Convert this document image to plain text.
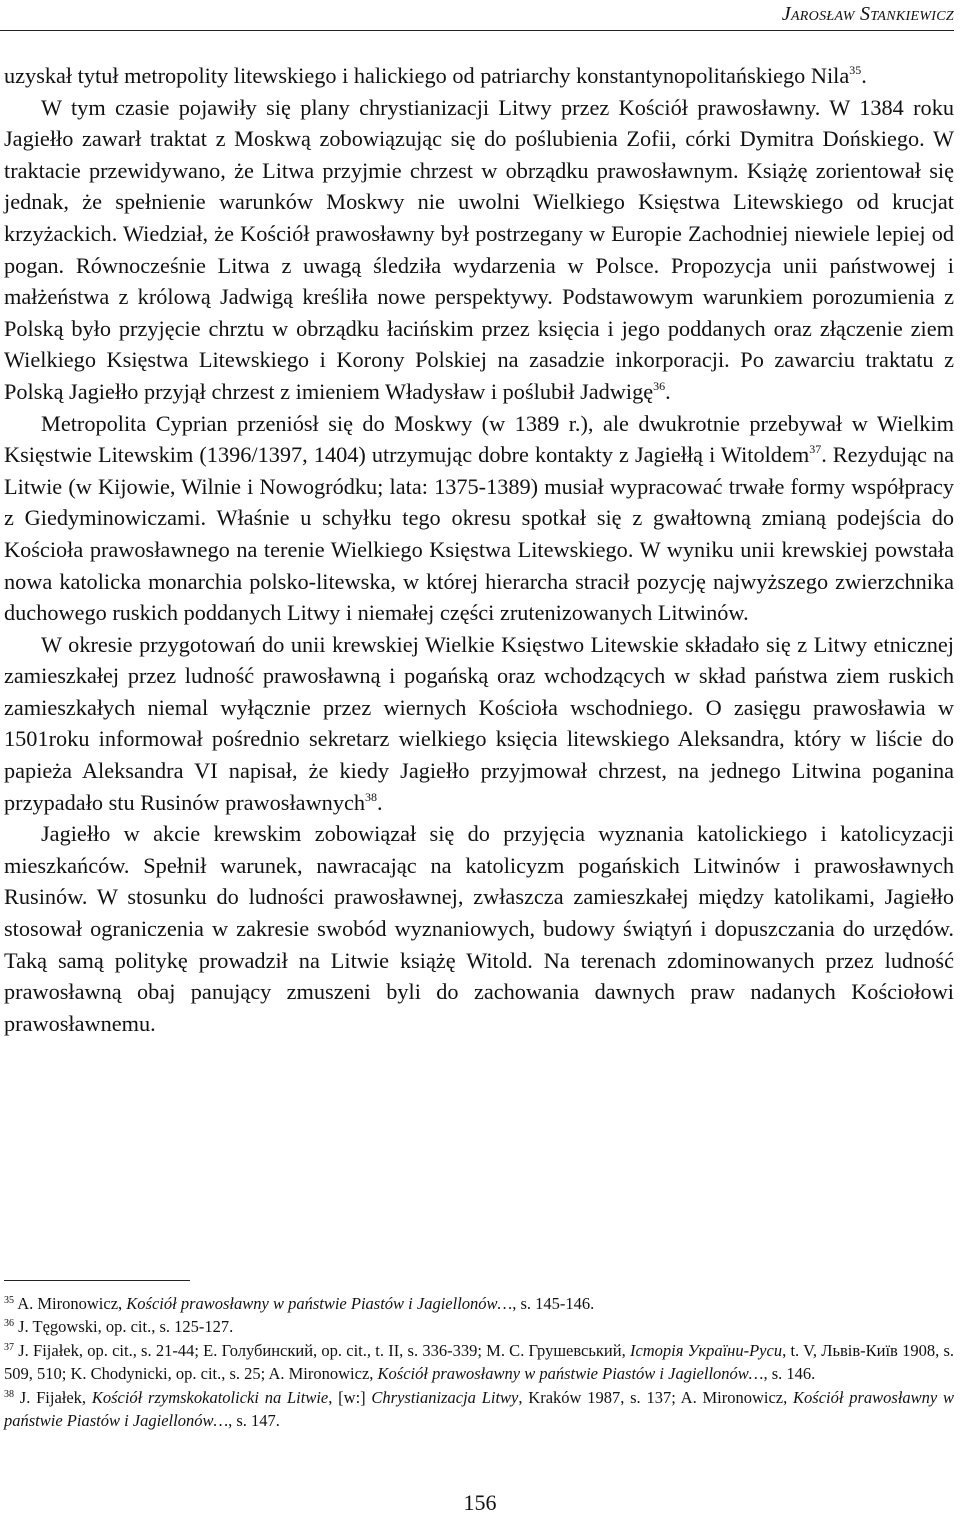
Jarosław Stankiewicz

uzyskał tytuł metropolity litewskiego i halickiego od patriarchy konstantynopolitańskiego Nila$^{35}$.

W tym czasie pojawiły się plany chrystianizacji Litwy przez Kościół prawosławny. W 1384 roku Jagiełło zawarł traktat z Moskwą zobowiązując się do poślubienia Zofii, córki Dymitra Dońskiego. W traktacie przewidywano, że Litwa przyjmie chrzest w obrządku prawosławnym. Książę zorientował się jednak, że spełnienie warunków Moskwy nie uwolni Wielkiego Księstwa Litewskiego od krucjat krzyżackich. Wiedział, że Kościół prawosławny był postrzegany w Europie Zachodniej niewiele lepiej od pogan. Równocześnie Litwa z uwagą śledziła wydarzenia w Polsce. Propozycja unii państwowej i małżeństwa z królową Jadwigą kreśliła nowe perspektywy. Podstawowym warunkiem porozumienia z Polską było przyjęcie chrztu w obrządku łacińskim przez księcia i jego poddanych oraz złączenie ziem Wielkiego Księstwa Litewskiego i Korony Polskiej na zasadzie inkorporacji. Po zawarciu traktatu z Polską Jagiełło przyjął chrzest z imieniem Władysław i poślubił Jadwigę$^{36}$.

Metropolita Cyprian przeniósł się do Moskwy (w 1389 r.), ale dwukrotnie przebywał w Wielkim Księstwie Litewskim (1396/1397, 1404) utrzymując dobre kontakty z Jagiełłą i Witoldem$^{37}$. Rezydując na Litwie (w Kijowie, Wilnie i Nowogródku; lata: 1375-1389) musiał wypracować trwałe formy współpracy z Giedyminowiczami. Właśnie u schyłku tego okresu spotkał się z gwałtowną zmianą podejścia do Kościoła prawosławnego na terenie Wielkiego Księstwa Litewskiego. W wyniku unii krewskiej powstała nowa katolicka monarchia polsko-litewska, w której hierarcha stracił pozycję najwyższego zwierzchnika duchowego ruskich poddanych Litwy i niemałej części zrutenizowanych Litwinów.

W okresie przygotowań do unii krewskiej Wielkie Księstwo Litewskie składało się z Litwy etnicznej zamieszkałej przez ludność prawosławną i pogańską oraz wchodzących w skład państwa ziem ruskich zamieszkałych niemal wyłącznie przez wiernych Kościoła wschodniego. O zasięgu prawosławia w 1501roku informował pośrednio sekretarz wielkiego księcia litewskiego Aleksandra, który w liście do papieża Aleksandra VI napisał, że kiedy Jagiełło przyjmował chrzest, na jednego Litwina poganina przypadało stu Rusinów prawosławnych$^{38}$.

Jagiełło w akcie krewskim zobowiązał się do przyjęcia wyznania katolickiego i katolicyzacji mieszkańców. Spełnił warunek, nawracając na katolicyzm pogańskich Litwinów i prawosławnych Rusinów. W stosunku do ludności prawosławnej, zwłaszcza zamieszkałej między katolikami, Jagiełło stosował ograniczenia w zakresie swobód wyznaniowych, budowy świątyń i dopuszczania do urzędów. Taką samą politykę prowadził na Litwie książę Witold. Na terenach zdominowanych przez ludność prawosławną obaj panujący zmuszeni byli do zachowania dawnych praw nadanych Kościołowi prawosławnemu.

$^{35}$ A. Mironowicz, Kościół prawosławny w państwie Piastów i Jagiellonów…, s. 145-146.

$^{36}$ J. Tęgowski, op. cit., s. 125-127.

$^{37}$ J. Fijałek, op. cit., s. 21-44; E. Голубинский, op. cit., t. II, s. 336-339; M. C. Грушевський, Історія України-Руси, t. V, Львів-Київ 1908, s. 509, 510; K. Chodynicki, op. cit., s. 25; A. Mironowicz, Kościół prawosławny w państwie Piastów i Jagiellonów…, s. 146.

$^{38}$ J. Fijałek, Kościół rzymskokatolicki na Litwie, [w:] Chrystianizacja Litwy, Kraków 1987, s. 137; A. Mironowicz, Kościół prawosławny w państwie Piastów i Jagiellonów…, s. 147.

156
